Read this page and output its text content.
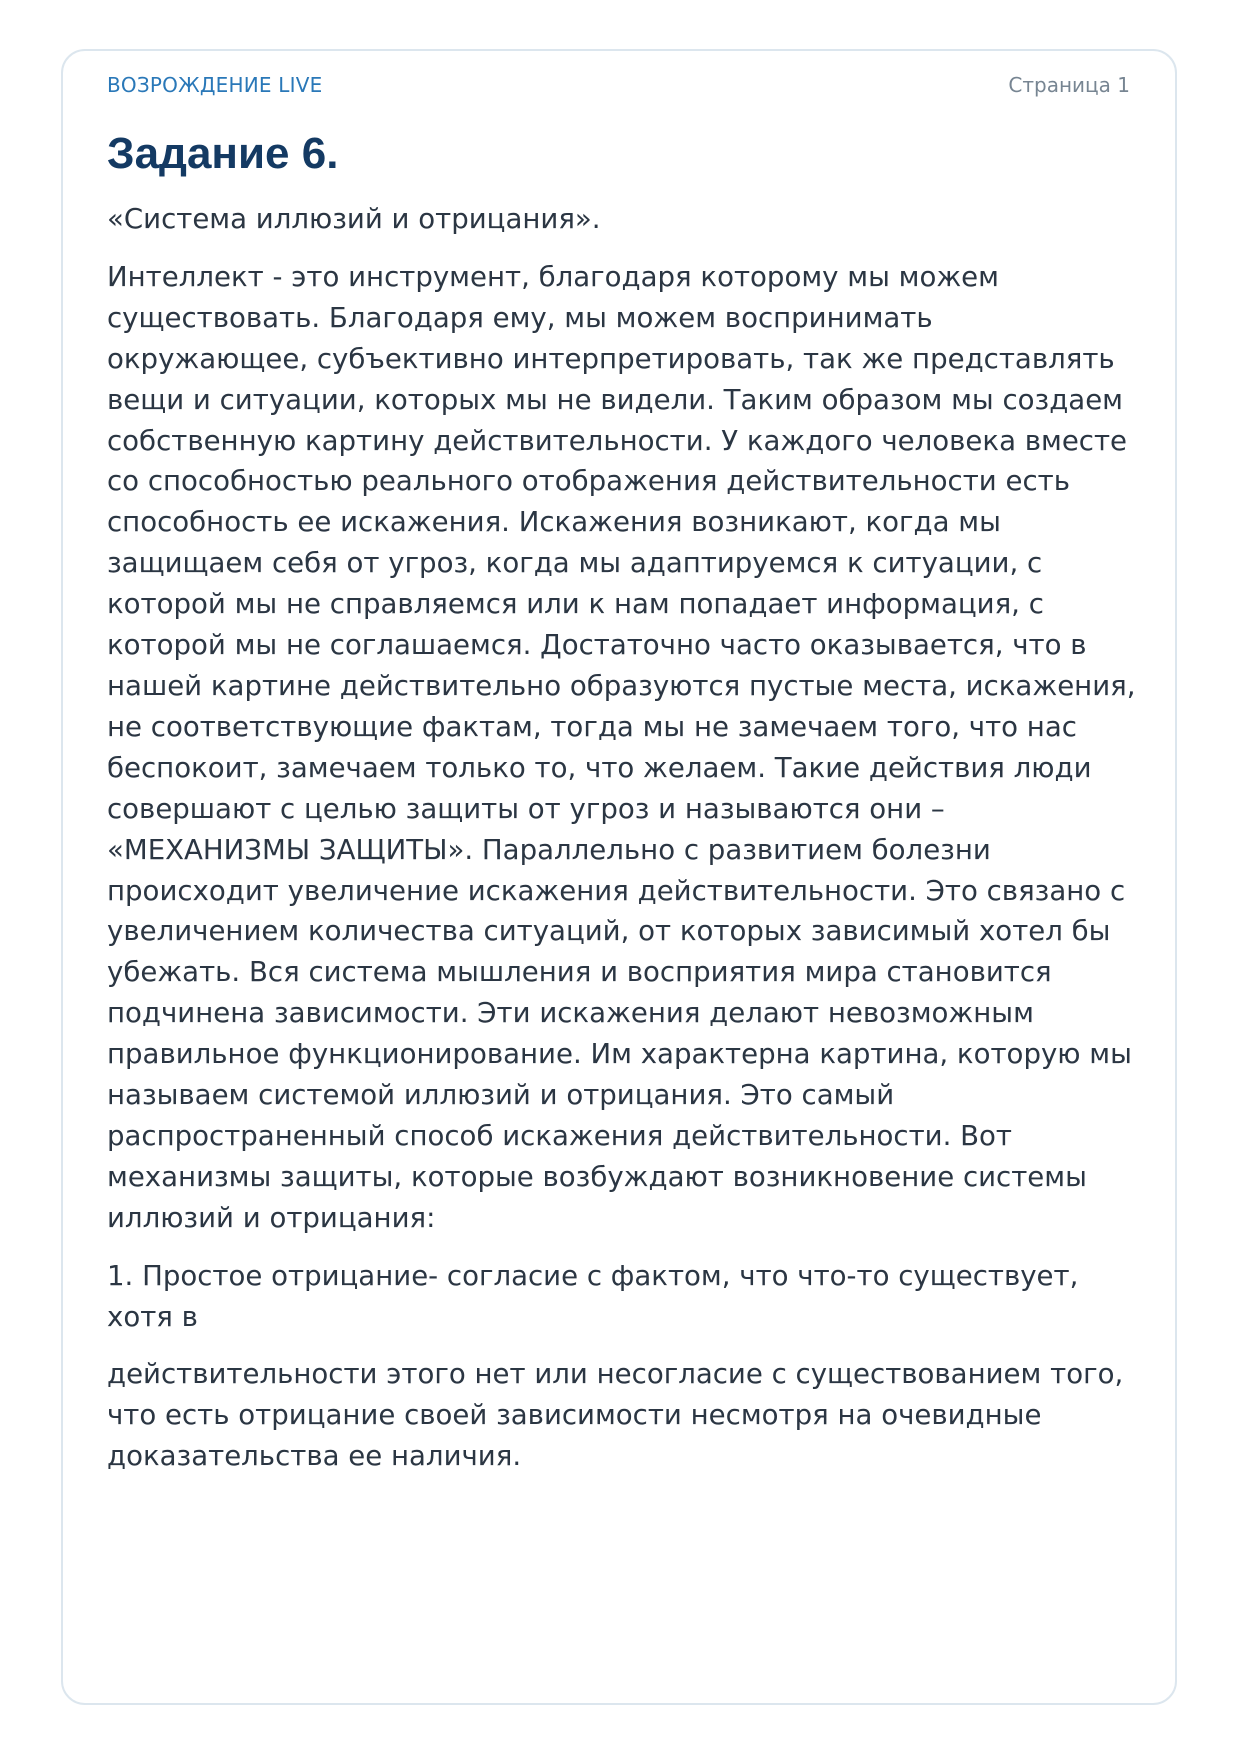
ВОЗРОЖДЕНИЕ LIVE	Страница 1
Задание 6.

«Система иллюзий и отрицания».

Интеллект - это инструмент, благодаря которому мы можем существовать. Благодаря ему, мы можем воспринимать окружающее, субъективно интерпретировать, так же представлять вещи и ситуации, которых мы не видели. Таким образом мы создаем собственную картину действительности. У каждого человека вместе со способностью реального отображения действительности есть способность ее искажения. Искажения возникают, когда мы защищаем себя от угроз, когда мы адаптируемся к ситуации, с которой мы не справляемся или к нам попадает информация, с которой мы не соглашаемся. Достаточно часто оказывается, что в нашей картине действительно образуются пустые места, искажения, не соответствующие фактам, тогда мы не замечаем того, что нас беспокоит, замечаем только то, что желаем. Такие действия люди совершают с целью защиты от угроз и называются они – «МЕХАНИЗМЫ ЗАЩИТЫ». Параллельно с развитием болезни происходит увеличение искажения действительности. Это связано с увеличением количества ситуаций, от которых зависимый хотел бы убежать. Вся система мышления и восприятия мира становится подчинена зависимости. Эти искажения делают невозможным правильное функционирование. Им характерна картина, которую мы называем системой иллюзий и отрицания. Это самый распространенный способ искажения действительности. Вот механизмы защиты, которые возбуждают возникновение системы иллюзий и отрицания:

1. Простое отрицание- согласие с фактом, что что-то существует, хотя в

действительности этого нет или несогласие с существованием того, что есть отрицание своей зависимости несмотря на очевидные доказательства ее наличия.
